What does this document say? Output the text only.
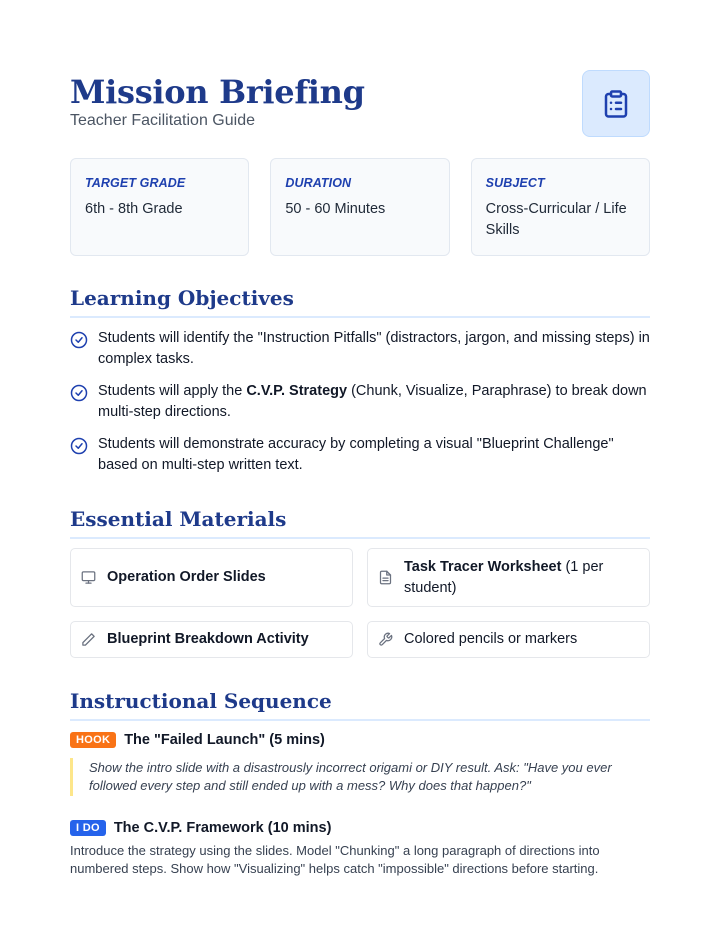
Mission Briefing
Teacher Facilitation Guide
TARGET GRADE
6th - 8th Grade
DURATION
50 - 60 Minutes
SUBJECT
Cross-Curricular / Life Skills
Learning Objectives
Students will identify the "Instruction Pitfalls" (distractors, jargon, and missing steps) in complex tasks.
Students will apply the C.V.P. Strategy (Chunk, Visualize, Paraphrase) to break down multi-step directions.
Students will demonstrate accuracy by completing a visual "Blueprint Challenge" based on multi-step written text.
Essential Materials
Operation Order Slides
Task Tracer Worksheet (1 per student)
Blueprint Breakdown Activity	Colored pencils or markers
Instructional Sequence
HOOK The "Failed Launch" (5 mins)
Show the intro slide with a disastrously incorrect origami or DIY result. Ask: "Have you ever followed every step and still ended up with a mess? Why does that happen?"
I DO The C.V.P. Framework (10 mins)
Introduce the strategy using the slides. Model "Chunking" a long paragraph of directions into numbered steps. Show how "Visualizing" helps catch "impossible" directions before starting.
